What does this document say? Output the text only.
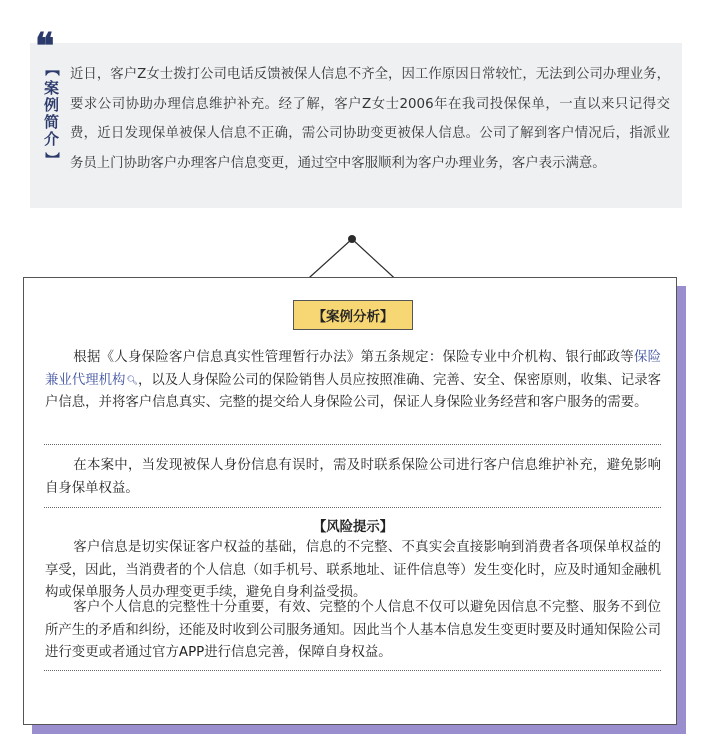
❝
【
案例简介
】
近日，客户Z女士拨打公司电话反馈被保人信息不齐全，因工作原因日常较忙，无法到公司办理业务，要求公司协助办理信息维护补充。经了解，客户Z女士2006年在我司投保保单，一直以来只记得交费，近日发现保单被保人信息不正确，需公司协助变更被保人信息。公司了解到客户情况后，指派业务员上门协助客户办理客户信息变更，通过空中客服顺利为客户办理业务，客户表示满意。
【案例分析】
根据《人身保险客户信息真实性管理暂行办法》第五条规定：保险专业中介机构、银行邮政等保险兼业代理机构🔍︎，以及人身保险公司的保险销售人员应按照准确、完善、安全、保密原则，收集、记录客户信息，并将客户信息真实、完整的提交给人身保险公司，保证人身保险业务经营和客户服务的需要。
在本案中，当发现被保人身份信息有误时，需及时联系保险公司进行客户信息维护补充，避免影响自身保单权益。
【风险提示】
客户信息是切实保证客户权益的基础，信息的不完整、不真实会直接影响到消费者各项保单权益的享受，因此，当消费者的个人信息（如手机号、联系地址、证件信息等）发生变化时，应及时通知金融机构或保单服务人员办理变更手续，避免自身利益受损。
客户个人信息的完整性十分重要，有效、完整的个人信息不仅可以避免因信息不完整、服务不到位所产生的矛盾和纠纷，还能及时收到公司服务通知。因此当个人基本信息发生变更时要及时通知保险公司进行变更或者通过官方APP进行信息完善，保障自身权益。
